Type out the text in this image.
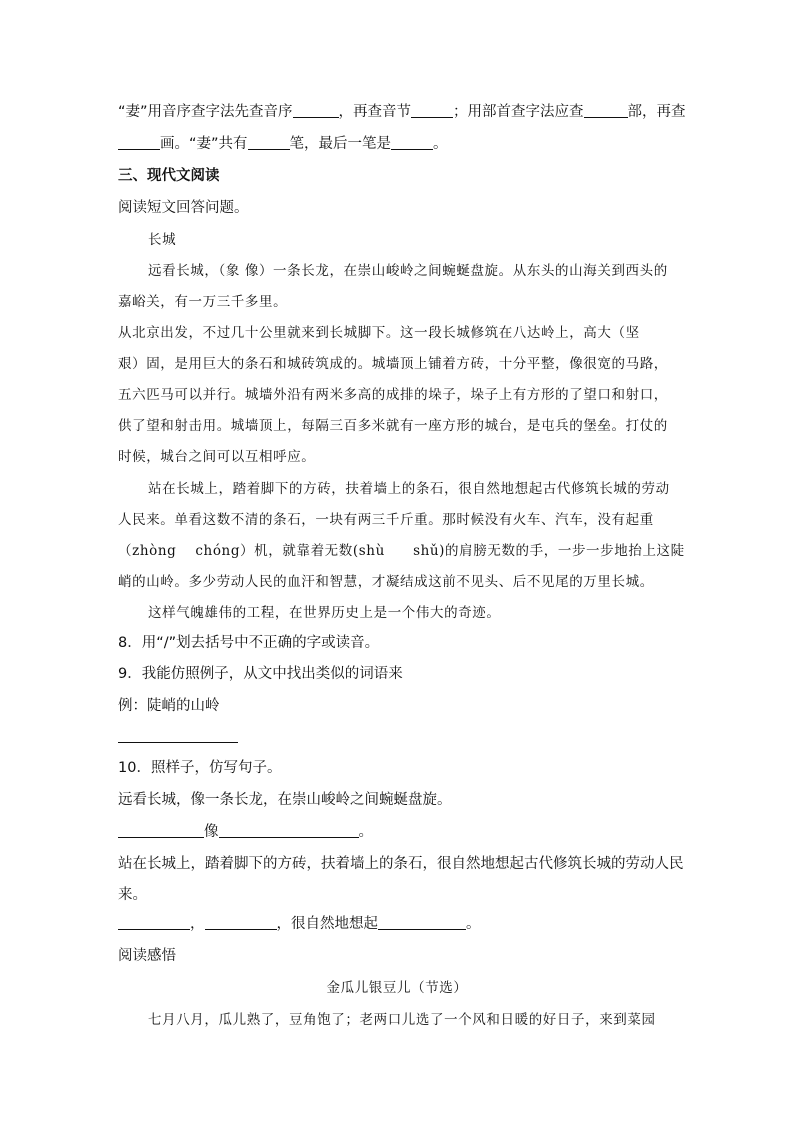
“妻”用音序查字法先查音序	，再查音节	；用部首查字法应查	部，再查
画。“妻”共有	笔，最后一笔是	。
三、现代文阅读
阅读短文回答问题。
长城
远看长城，（象 像）一条长龙，在崇山峻岭之间蜿蜒盘旋。从东头的山海关到西头的
嘉峪关，有一万三千多里。
从北京出发，不过几十公里就来到长城脚下。这一段长城修筑在八达岭上，高大（坚
艰）固，是用巨大的条石和城砖筑成的。城墙顶上铺着方砖，十分平整，像很宽的马路，
五六匹马可以并行。城墙外沿有两米多高的成排的垛子，垛子上有方形的了望口和射口，
供了望和射击用。城墙顶上，每隔三百多米就有一座方形的城台，是屯兵的堡垒。打仗的
时候，城台之间可以互相呼应。
站在长城上，踏着脚下的方砖，扶着墙上的条石，很自然地想起古代修筑长城的劳动
人民来。单看这数不清的条石，一块有两三千斤重。那时候没有火车、汽车，没有起重
（zhòng　 chóng）机，就靠着无数(shù　　shǔ)的肩膀无数的手，一步一步地抬上这陡
峭的山岭。多少劳动人民的血汗和智慧，才凝结成这前不见头、后不见尾的万里长城。
这样气魄雄伟的工程，在世界历史上是一个伟大的奇迹。
8．用“/”划去括号中不正确的字或读音。
9．我能仿照例子，从文中找出类似的词语来
例：陡峭的山岭
10．照样子，仿写句子。
远看长城，像一条长龙，在崇山峻岭之间蜿蜒盘旋。
像	。
站在长城上，踏着脚下的方砖，扶着墙上的条石，很自然地想起古代修筑长城的劳动人民
来。
，	，很自然地想起	。
阅读感悟
金瓜儿银豆儿（节选）
七月八月，瓜儿熟了，豆角饱了；老两口儿选了一个风和日暖的好日子，来到菜园
